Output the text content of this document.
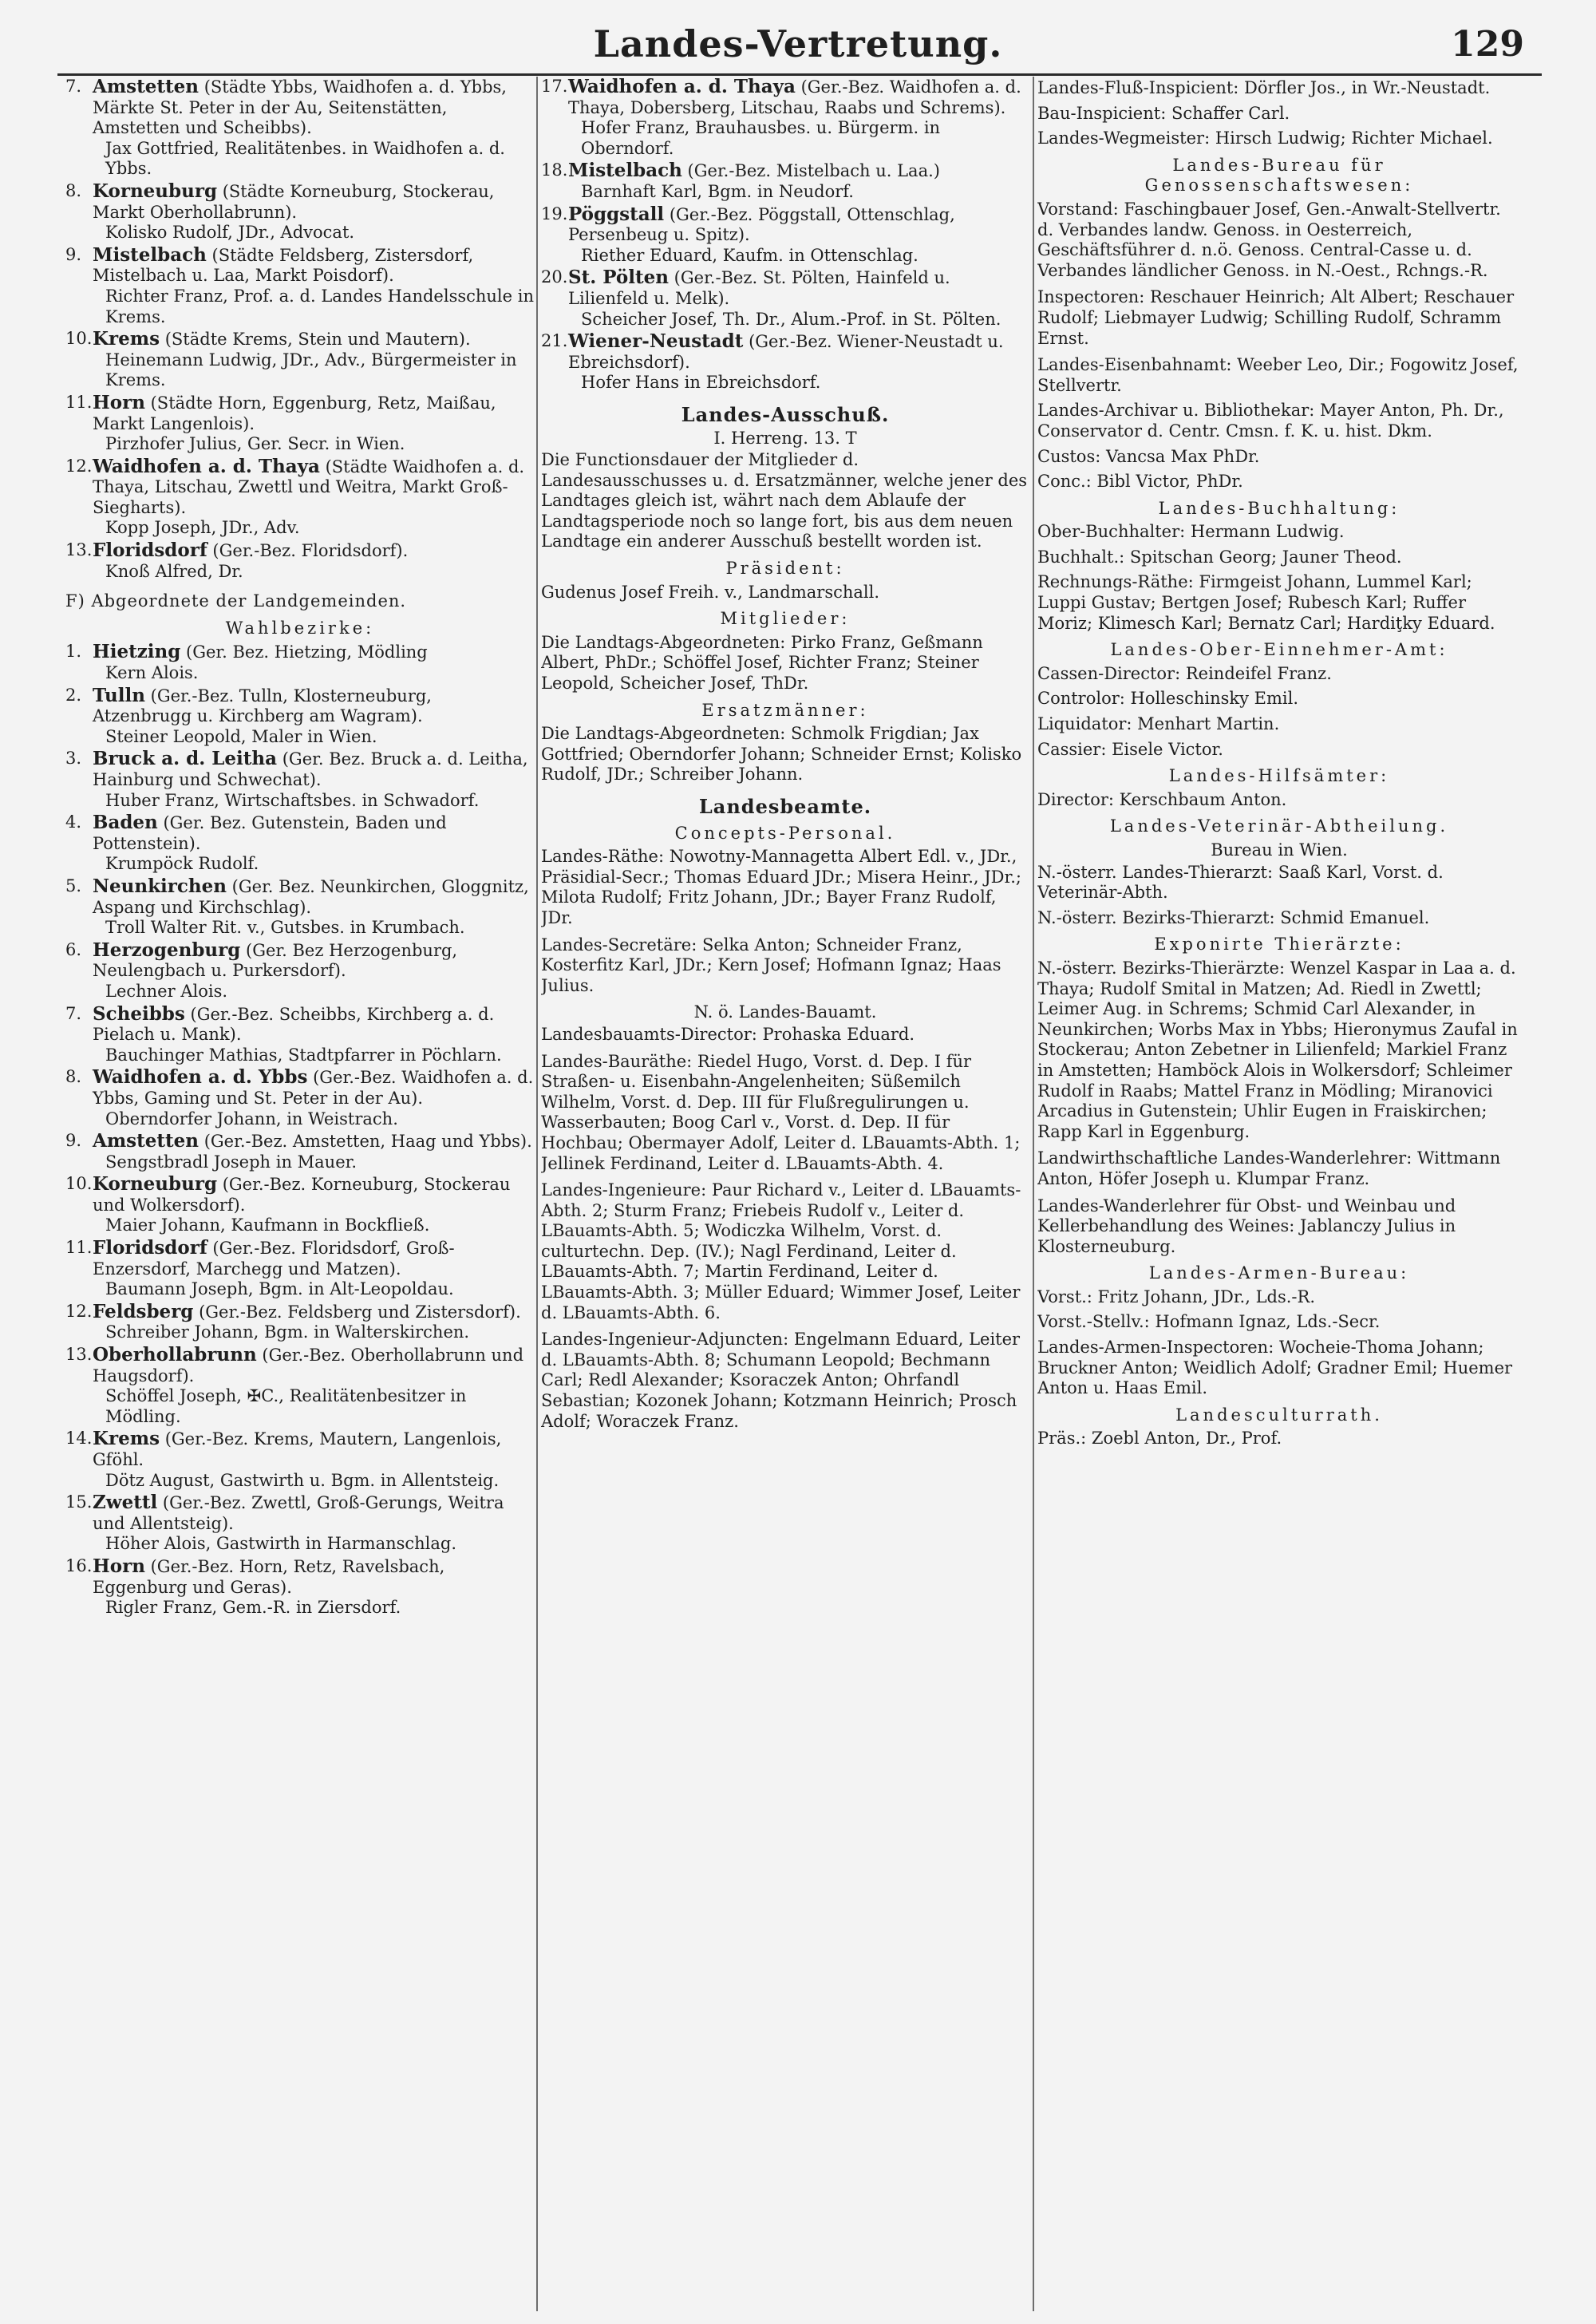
Landes-Vertretung.	129
7. Amstetten (Städte Ybbs, Waidhofen a. d. Ybbs, Märkte St. Peter in der Au, Seitenstätten, Amstetten und Scheibbs).
Jax Gottfried, Realitätenbes. in Waidhofen a. d. Ybbs.
8. Korneuburg (Städte Korneuburg, Stockerau, Markt Oberhollabrunn).
Kolisko Rudolf, JDr., Advocat.
9. Mistelbach (Städte Feldsberg, Zistersdorf, Mistelbach u. Laa, Markt Poisdorf).
Richter Franz, Prof. a. d. Landes Handelsschule in Krems.
10. Krems (Städte Krems, Stein und Mautern).
Heinemann Ludwig, JDr., Adv., Bürgermeister in Krems.
11. Horn (Städte Horn, Eggenburg, Retz, Maißau, Markt Langenlois).
Pirzhofer Julius, Ger. Secr. in Wien.
12. Waidhofen a. d. Thaya (Städte Waidhofen a. d. Thaya, Litschau, Zwettl und Weitra, Markt Groß-Siegharts).
Kopp Joseph, JDr., Adv.
13. Floridsdorf (Ger.-Bez. Floridsdorf).
Knoß Alfred, Dr.
F) Abgeordnete der Landgemeinden.
Wahlbezirke:
1. Hietzing (Ger. Bez. Hietzing, Mödling
Kern Alois.
2. Tulln (Ger.-Bez. Tulln, Klosterneuburg, Atzenbrugg u. Kirchberg am Wagram).
Steiner Leopold, Maler in Wien.
3. Bruck a. d. Leitha (Ger. Bez. Bruck a. d. Leitha, Hainburg und Schwechat).
Huber Franz, Wirtschaftsbes. in Schwadorf.
4. Baden (Ger. Bez. Gutenstein, Baden und Pottenstein).
Krumpöck Rudolf.
5. Neunkirchen (Ger. Bez. Neunkirchen, Gloggnitz, Aspang und Kirchschlag).
Troll Walter Rit. v., Gutsbes. in Krumbach.
6. Herzogenburg (Ger. Bez Herzogenburg, Neulengbach u. Purkersdorf).
Lechner Alois.
7. Scheibbs (Ger.-Bez. Scheibbs, Kirchberg a. d. Pielach u. Mank).
Bauchinger Mathias, Stadtpfarrer in Pöchlarn.
8. Waidhofen a. d. Ybbs (Ger.-Bez. Waidhofen a. d. Ybbs, Gaming und St. Peter in der Au).
Oberndorfer Johann, in Weistrach.
9. Amstetten (Ger.-Bez. Amstetten, Haag und Ybbs).
Sengstbradl Joseph in Mauer.
10. Korneuburg (Ger.-Bez. Korneuburg, Stockerau und Wolkersdorf).
Maier Johann, Kaufmann in Bockfließ.
11. Floridsdorf (Ger.-Bez. Floridsdorf, Groß-Enzersdorf, Marchegg und Matzen).
Baumann Joseph, Bgm. in Alt-Leopoldau.
12. Feldsberg (Ger.-Bez. Feldsberg und Zistersdorf).
Schreiber Johann, Bgm. in Walterskirchen.
13. Oberhollabrunn (Ger.-Bez. Oberhollabrunn und Haugsdorf).
Schöffel Joseph, ✠C., Realitätenbesitzer in Mödling.
14. Krems (Ger.-Bez. Krems, Mautern, Langenlois, Gföhl.
Dötz August, Gastwirth u. Bgm. in Allentsteig.
15. Zwettl (Ger.-Bez. Zwettl, Groß-Gerungs, Weitra und Allentsteig).
Höher Alois, Gastwirth in Harmanschlag.
16. Horn (Ger.-Bez. Horn, Retz, Ravelsbach, Eggenburg und Geras).
Rigler Franz, Gem.-R. in Ziersdorf.
17. Waidhofen a. d. Thaya (Ger.-Bez. Waidhofen a. d. Thaya, Dobersberg, Litschau, Raabs und Schrems).
Hofer Franz, Brauhausbes. u. Bürgerm. in Oberndorf.
18. Mistelbach (Ger.-Bez. Mistelbach u. Laa.)
Barnhaft Karl, Bgm. in Neudorf.
19. Pöggstall (Ger.-Bez. Pöggstall, Ottenschlag, Persenbeug u. Spitz).
Riether Eduard, Kaufm. in Ottenschlag.
20. St. Pölten (Ger.-Bez. St. Pölten, Hainfeld u. Lilienfeld u. Melk).
Scheicher Josef, Th. Dr., Alum.-Prof. in St. Pölten.
21. Wiener-Neustadt (Ger.-Bez. Wiener-Neustadt u. Ebreichsdorf).
Hofer Hans in Ebreichsdorf.
Landes-Ausschuß.
I. Herreng. 13. T
Die Functionsdauer der Mitglieder d. Landesausschusses u. d. Ersatzmänner, welche jener des Landtages gleich ist, währt nach dem Ablaufe der Landtagsperiode noch so lange fort, bis aus dem neuen Landtage ein anderer Ausschuß bestellt worden ist.
Präsident:
Gudenus Josef Freih. v., Landmarschall.
Mitglieder:
Die Landtags-Abgeordneten: Pirko Franz, Geßmann Albert, PhDr.; Schöffel Josef, Richter Franz; Steiner Leopold, Scheicher Josef, ThDr.
Ersatzmänner:
Die Landtags-Abgeordneten: Schmolk Frigdian; Jax Gottfried; Oberndorfer Johann; Schneider Ernst; Kolisko Rudolf, JDr.; Schreiber Johann.
Landesbeamte.
Concepts-Personal.
Landes-Räthe: Nowotny-Mannagetta Albert Edl. v., JDr., Präsidial-Secr.; Thomas Eduard JDr.; Misera Heinr., JDr.; Milota Rudolf; Fritz Johann, JDr.; Bayer Franz Rudolf, JDr.
Landes-Secretäre: Selka Anton; Schneider Franz, Kosterfitz Karl, JDr.; Kern Josef; Hofmann Ignaz; Haas Julius.
N. ö. Landes-Bauamt.
Landesbauamts-Director: Prohaska Eduard.
Landes-Bauräthe: Riedel Hugo, Vorst. d. Dep. I für Straßen- u. Eisenbahn-Angelenheiten; Süßemilch Wilhelm, Vorst. d. Dep. III für Flußregulirungen u. Wasserbauten; Boog Carl v., Vorst. d. Dep. II für Hochbau; Obermayer Adolf, Leiter d. LBauamts-Abth. 1; Jellinek Ferdinand, Leiter d. LBauamts-Abth. 4.
Landes-Ingenieure: Paur Richard v., Leiter d. LBauamts-Abth. 2; Sturm Franz; Friebeis Rudolf v., Leiter d. LBauamts-Abth. 5; Wodiczka Wilhelm, Vorst. d. culturtechn. Dep. (IV.); Nagl Ferdinand, Leiter d. LBauamts-Abth. 7; Martin Ferdinand, Leiter d. LBauamts-Abth. 3; Müller Eduard; Wimmer Josef, Leiter d. LBauamts-Abth. 6.
Landes-Ingenieur-Adjuncten: Engelmann Eduard, Leiter d. LBauamts-Abth. 8; Schumann Leopold; Bechmann Carl; Redl Alexander; Ksoraczek Anton; Ohrfandl Sebastian; Kozonek Johann; Kotzmann Heinrich; Prosch Adolf; Woraczek Franz.
Landes-Fluß-Inspicient: Dörfler Jos., in Wr.-Neustadt.
Bau-Inspicient: Schaffer Carl.
Landes-Wegmeister: Hirsch Ludwig; Richter Michael.
Landes-Bureau für Genossenschaftswesen:
Vorstand: Faschingbauer Josef, Gen.-Anwalt-Stellvertr. d. Verbandes landw. Genoss. in Oesterreich, Geschäftsführer d. n.ö. Genoss. Central-Casse u. d. Verbandes ländlicher Genoss. in N.-Oest., Rchngs.-R.
Inspectoren: Reschauer Heinrich; Alt Albert; Reschauer Rudolf; Liebmayer Ludwig; Schilling Rudolf, Schramm Ernst.
Landes-Eisenbahnamt: Weeber Leo, Dir.; Fogowitz Josef, Stellvertr.
Landes-Archivar u. Bibliothekar: Mayer Anton, Ph. Dr., Conservator d. Centr. Cmsn. f. K. u. hist. Dkm.
Custos: Vancsa Max PhDr.
Conc.: Bibl Victor, PhDr.
Landes-Buchhaltung:
Ober-Buchhalter: Hermann Ludwig.
Buchhalt.: Spitschan Georg; Jauner Theod.
Rechnungs-Räthe: Firmgeist Johann, Lummel Karl; Luppi Gustav; Bertgen Josef; Rubesch Karl; Ruffer Moriz; Klimesch Karl; Bernatz Carl; Hardiţky Eduard.
Landes-Ober-Einnehmer-Amt:
Cassen-Director: Reindeifel Franz.
Controlor: Holleschinsky Emil.
Liquidator: Menhart Martin.
Cassier: Eisele Victor.
Landes-Hilfsämter:
Director: Kerschbaum Anton.
Landes-Veterinär-Abtheilung.
Bureau in Wien.
N.-österr. Landes-Thierarzt: Saaß Karl, Vorst. d. Veterinär-Abth.
N.-österr. Bezirks-Thierarzt: Schmid Emanuel.
Exponirte Thierärzte:
N.-österr. Bezirks-Thierärzte: Wenzel Kaspar in Laa a. d. Thaya; Rudolf Smital in Matzen; Ad. Riedl in Zwettl; Leimer Aug. in Schrems; Schmid Carl Alexander, in Neunkirchen; Worbs Max in Ybbs; Hieronymus Zaufal in Stockerau; Anton Zebetner in Lilienfeld; Markiel Franz in Amstetten; Hamböck Alois in Wolkersdorf; Schleimer Rudolf in Raabs; Mattel Franz in Mödling; Miranovici Arcadius in Gutenstein; Uhlir Eugen in Fraiskirchen; Rapp Karl in Eggenburg.
Landwirthschaftliche Landes-Wanderlehrer: Wittmann Anton, Höfer Joseph u. Klumpar Franz.
Landes-Wanderlehrer für Obst- und Weinbau und Kellerbehandlung des Weines: Jablanczy Julius in Klosterneuburg.
Landes-Armen-Bureau:
Vorst.: Fritz Johann, JDr., Lds.-R.
Vorst.-Stellv.: Hofmann Ignaz, Lds.-Secr.
Landes-Armen-Inspectoren: Wocheie-Thoma Johann; Bruckner Anton; Weidlich Adolf; Gradner Emil; Huemer Anton u. Haas Emil.
Landesculturrath.
Präs.: Zoebl Anton, Dr., Prof.
